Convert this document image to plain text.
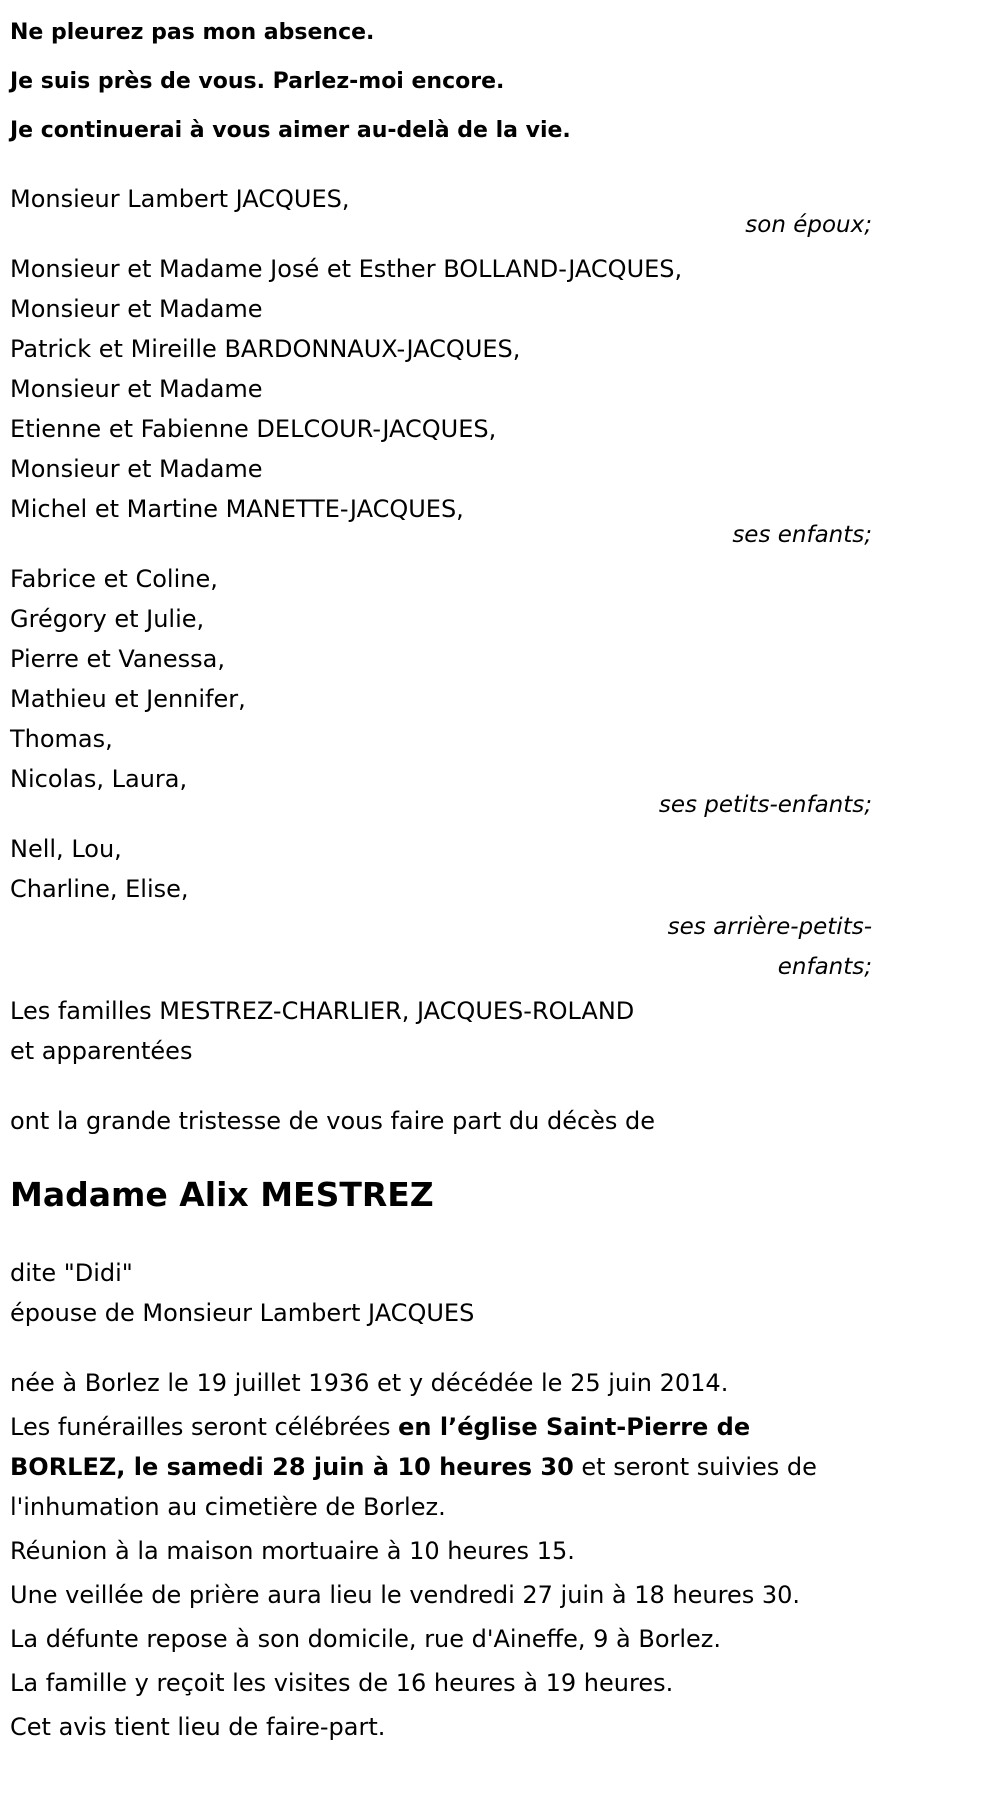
Ne pleurez pas mon absence.

Je suis près de vous. Parlez-moi encore.

Je continuerai à vous aimer au-delà de la vie.

Monsieur Lambert JACQUES,

son époux;

Monsieur et Madame José et Esther BOLLAND-JACQUES,

Monsieur et Madame

Patrick et Mireille BARDONNAUX-JACQUES,

Monsieur et Madame

Etienne et Fabienne DELCOUR-JACQUES,

Monsieur et Madame

Michel et Martine MANETTE-JACQUES,

ses enfants;

Fabrice et Coline,

Grégory et Julie,

Pierre et Vanessa,

Mathieu et Jennifer,

Thomas,

Nicolas, Laura,

ses petits-enfants;

Nell, Lou,

Charline, Elise,

ses arrière-petits-
enfants;

Les familles MESTREZ-CHARLIER, JACQUES-ROLAND

et apparentées

ont la grande tristesse de vous faire part du décès de

Madame Alix MESTREZ

dite "Didi"

épouse de Monsieur Lambert JACQUES

née à Borlez le 19 juillet 1936 et y décédée le 25 juin 2014.

Les funérailles seront célébrées en l’église Saint-Pierre de BORLEZ, le samedi 28 juin à 10 heures 30 et seront suivies de l'inhumation au cimetière de Borlez.

Réunion à la maison mortuaire à 10 heures 15.

Une veillée de prière aura lieu le vendredi 27 juin à 18 heures 30.

La défunte repose à son domicile, rue d'Aineffe, 9 à Borlez.

La famille y reçoit les visites de 16 heures à 19 heures.

Cet avis tient lieu de faire-part.
